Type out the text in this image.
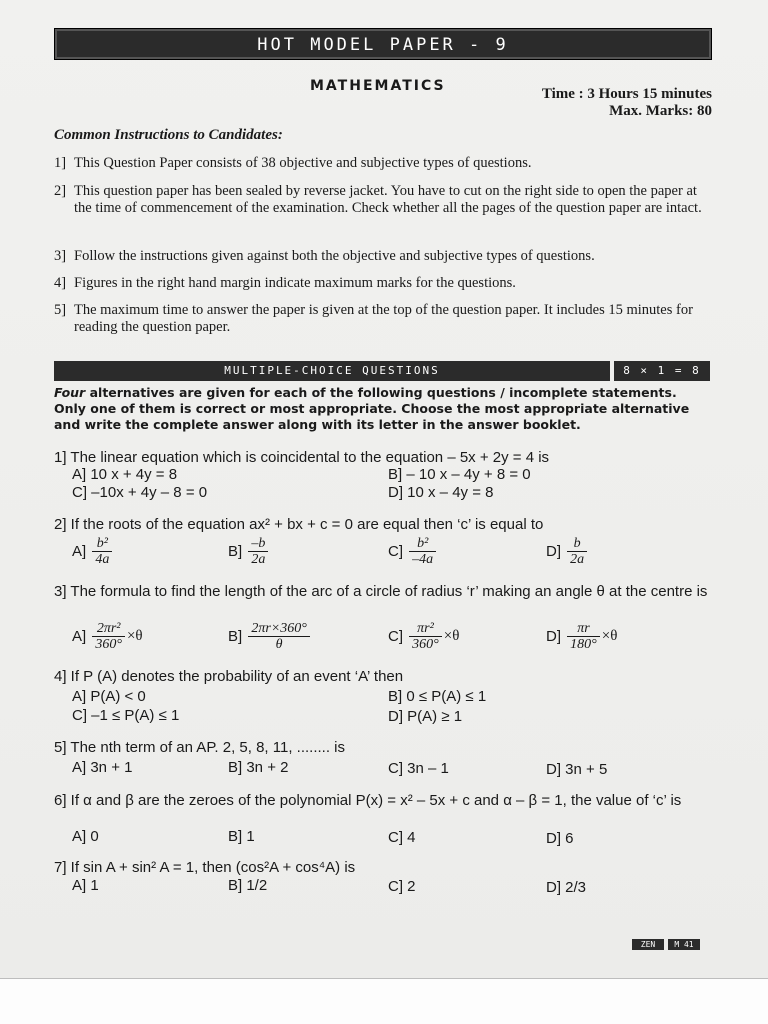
HOT MODEL PAPER - 9
MATHEMATICS	Time : 3 Hours 15 minutes
Max. Marks: 80
Common Instructions to Candidates:
1] This Question Paper consists of 38 objective and subjective types of questions.
2] This question paper has been sealed by reverse jacket. You have to cut on the right side to open the paper at the time of commencement of the examination. Check whether all the pages of the question paper are intact.
3] Follow the instructions given against both the objective and subjective types of questions.
4] Figures in the right hand margin indicate maximum marks for the questions.
5] The maximum time to answer the paper is given at the top of the question paper. It includes 15 minutes for reading the question paper.
MULTIPLE-CHOICE QUESTIONS	8 × 1 = 8
Four alternatives are given for each of the following questions / incomplete statements. Only one of them is correct or most appropriate. Choose the most appropriate alternative and write the complete answer along with its letter in the answer booklet.
1] The linear equation which is coincidental to the equation – 5x + 2y = 4 is
A] 10 x + 4y = 8	B] – 10 x – 4y + 8 = 0
C] –10x + 4y – 8 = 0	D] 10 x – 4y = 8
2] If the roots of the equation ax² + bx + c = 0 are equal then ‘c’ is equal to
$A] \frac{\text{b²}}{4a}$	$B] \frac{-b}{2a}$	$C] \frac{\text{b²}}{-4a}$	$D] \frac{b}{2a}$
3] The formula to find the length of the arc of a circle of radius ‘r’ making an angle θ at the centre is
$A] \frac{\text{2πr²}}{360^\circ} \times\theta$	$B] \frac{2\pi r\times 360^\circ}{\theta}$	$C] \frac{\text{πr²}}{360^\circ} \times\theta$	$D] \frac{\pi r}{180^\circ} \times\theta$
4] If P (A) denotes the probability of an event ‘A’ then
A] P(A) < 0	B] 0 ≤ P(A) ≤ 1
C] –1 ≤ P(A) ≤ 1	D] P(A) ≥ 1
5] The nth term of an AP. 2, 5, 8, 11, ........ is
A] 3n + 1	B] 3n + 2	C] 3n – 1	D] 3n + 5
6] If α and β are the zeroes of the polynomial P(x) = x² – 5x + c and α – β = 1, the value of ‘c’ is
A] 0	B] 1	C] 4	D] 6
7] If sin A + sin² A = 1, then (cos²A + cos⁴A) is
A] 1	B] 1/2	C] 2	D] 2/3
ZEN	M 41
